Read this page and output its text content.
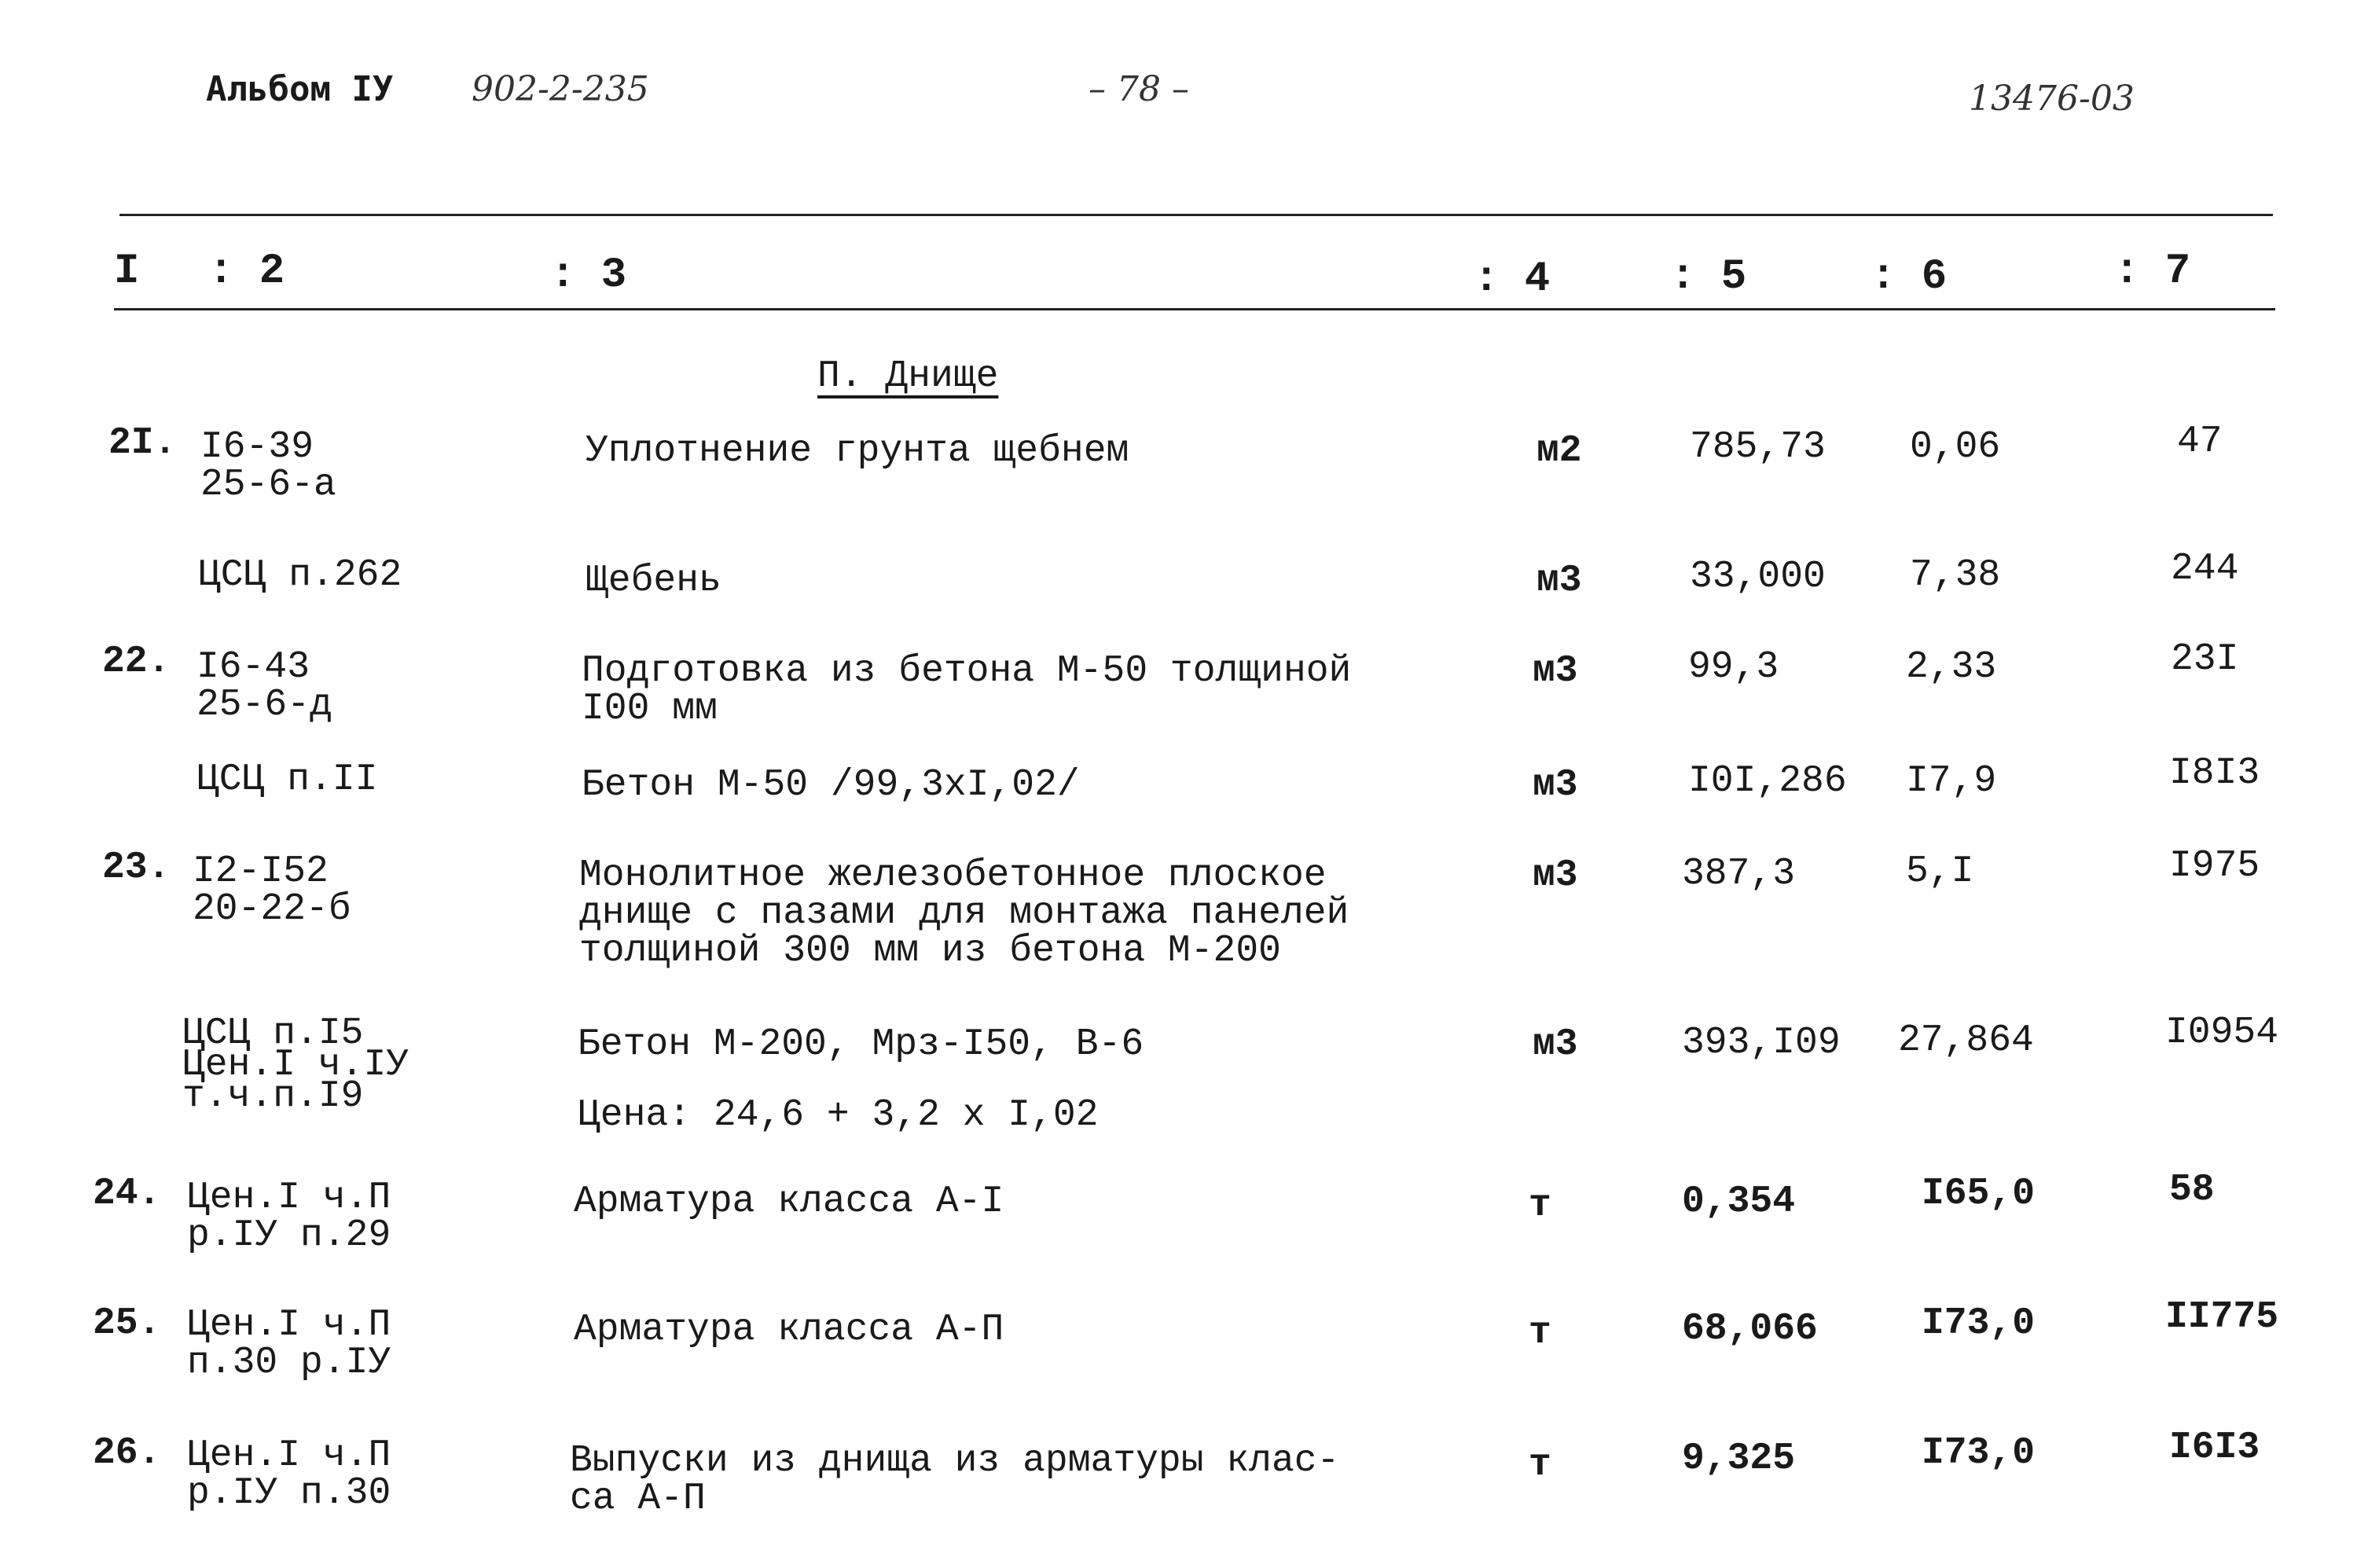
Альбом IУ 902-2-235	– 78 –	13476-03
I : 2	: 3	: 4	: 5	: 6	: 7
П. Днище
2I. I6-39
25-6-а
Уплотнение грунта щебнем	м2	785,73 0,06	47
ЦСЦ п.262	Щебень	м3	33,000 7,38	244
22. I6-43
25-6-д
Подготовка из бетона М-50 толщиной
I00 мм
м3	99,3	2,33	23I
ЦСЦ п.II	Бетон М-50 /99,3хI,02/	м3	I0I,286 I7,9	I8I3
23. I2-I52
20-22-б
Монолитное железобетонное плоское
днище с пазами для монтажа панелей
толщиной 300 мм из бетона М-200
м3	387,3	5,I	I975
ЦСЦ п.I5
Цен.I ч.IУ
т.ч.п.I9
Бетон М-200, Мрз-I50, В-6
Цена: 24,6 + 3,2 х I,02
м3	393,I09 27,864	I0954
24. Цен.I ч.П
р.IУ п.29
Арматура класса А-I	т	0,354	I65,0	58
25. Цен.I ч.П
п.30 р.IУ
Арматура класса А-П	т	68,066	I73,0	II775
26. Цен.I ч.П
р.IУ п.30
Выпуски из днища из арматуры клас-
са А-П
т	9,325	I73,0	I6I3
